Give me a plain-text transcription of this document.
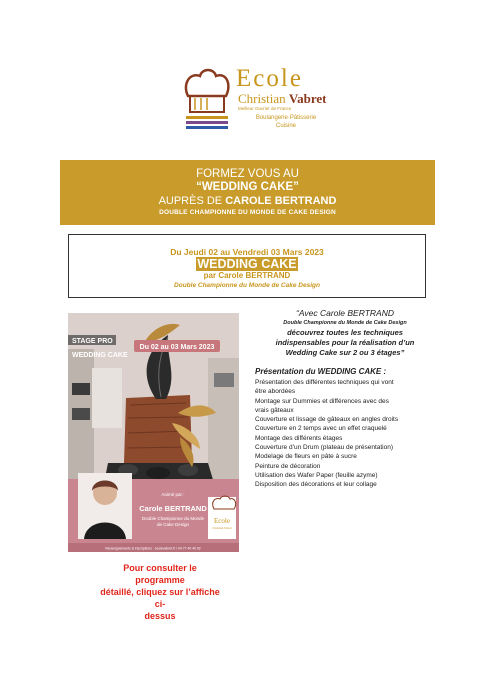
Ecole
Christian Vabret
Meilleur Ouvrier de France
Boulangerie·Pâtisserie
Cuisine
FORMEZ VOUS AU
“WEDDING CAKE”
AUPRÈS DE CAROLE BERTRAND
DOUBLE CHAMPIONNE DU MONDE DE CAKE DESIGN
Du Jeudi 02 au Vendredi 03 Mars 2023
WEDDING CAKE
par Carole BERTRAND
Double Championne du Monde de Cake Design
STAGE PRO
WEDDING CAKE
Du 02 au 03 Mars 2023
Animé par :
Carole BERTRAND
Double Championne du Monde
de Cake Design	Ecole
Christian Vabret
Renseignements & inscriptions : ecolevabret.fr / 04 77 40 40 02
“Avec Carole BERTRAND
Double Championne du Monde de Cake Design
découvrez toutes les techniques
indispensables pour la réalisation d’un
Wedding Cake sur 2 ou 3 étages”
Présentation du WEDDING CAKE :
Présentation des différentes techniques qui vont
être abordées
Montage sur Dummies et différences avec des
vrais gâteaux
Couverture et lissage de gâteaux en angles droits
Couverture en 2 temps avec un effet craquelé
Montage des différents étages
Couverture d’un Drum (plateau de présentation)
Modelage de fleurs en pâte à sucre
Peinture de décoration
Utilisation des Wafer Paper (feuille azyme)
Disposition des décorations et leur collage
Pour consulter le programme
détaillé, cliquez sur l’affiche ci-
dessus
